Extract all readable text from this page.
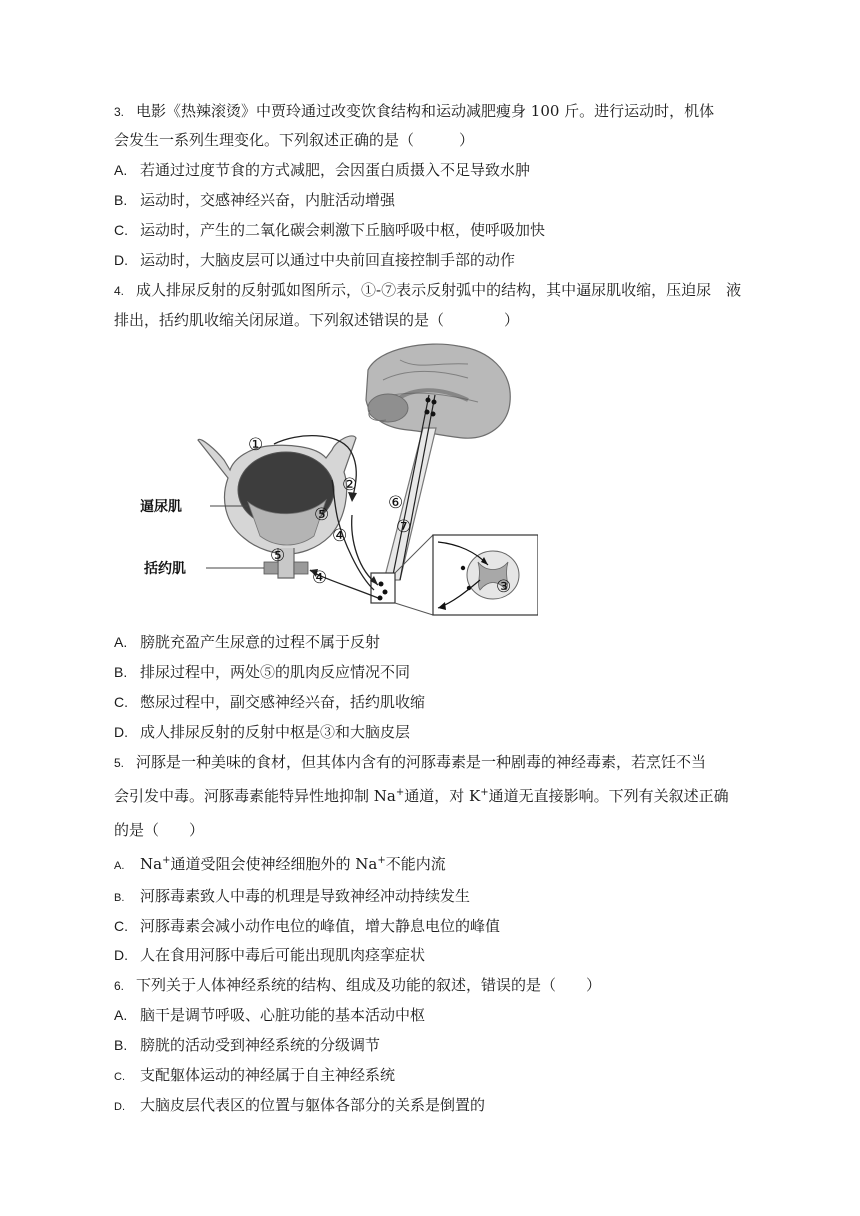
3. 电影《热辣滚烫》中贾玲通过改变饮食结构和运动减肥瘦身 100 斤。进行运动时，机体
会发生一系列生理变化。下列叙述正确的是（　　　）
A. 若通过过度节食的方式减肥，会因蛋白质摄入不足导致水肿
B. 运动时，交感神经兴奋，内脏活动增强
C. 运动时，产生的二氧化碳会刺激下丘脑呼吸中枢，使呼吸加快
D. 运动时，大脑皮层可以通过中央前回直接控制手部的动作
4. 成人排尿反射的反射弧如图所示，①-⑦表示反射弧中的结构，其中逼尿肌收缩，压迫尿　液
排出，括约肌收缩关闭尿道。下列叙述错误的是（　　　　）
逼尿肌
括约肌
①
②
③
④
⑤
⑥
⑦
⑤
④
A. 膀胱充盈产生尿意的过程不属于反射
B. 排尿过程中，两处⑤的肌肉反应情况不同
C. 憋尿过程中，副交感神经兴奋，括约肌收缩
D. 成人排尿反射的反射中枢是③和大脑皮层
5. 河豚是一种美味的食材，但其体内含有的河豚毒素是一种剧毒的神经毒素，若烹饪不当
会引发中毒。河豚毒素能特异性地抑制 Na+通道，对 K+通道无直接影响。下列有关叙述正确
的是（　　）
A. Na+通道受阻会使神经细胞外的 Na+不能内流
B. 河豚毒素致人中毒的机理是导致神经冲动持续发生
C. 河豚毒素会减小动作电位的峰值，增大静息电位的峰值
D. 人在食用河豚中毒后可能出现肌肉痉挛症状
6. 下列关于人体神经系统的结构、组成及功能的叙述，错误的是（　　）
A. 脑干是调节呼吸、心脏功能的基本活动中枢
B. 膀胱的活动受到神经系统的分级调节
C. 支配躯体运动的神经属于自主神经系统
D. 大脑皮层代表区的位置与躯体各部分的关系是倒置的
